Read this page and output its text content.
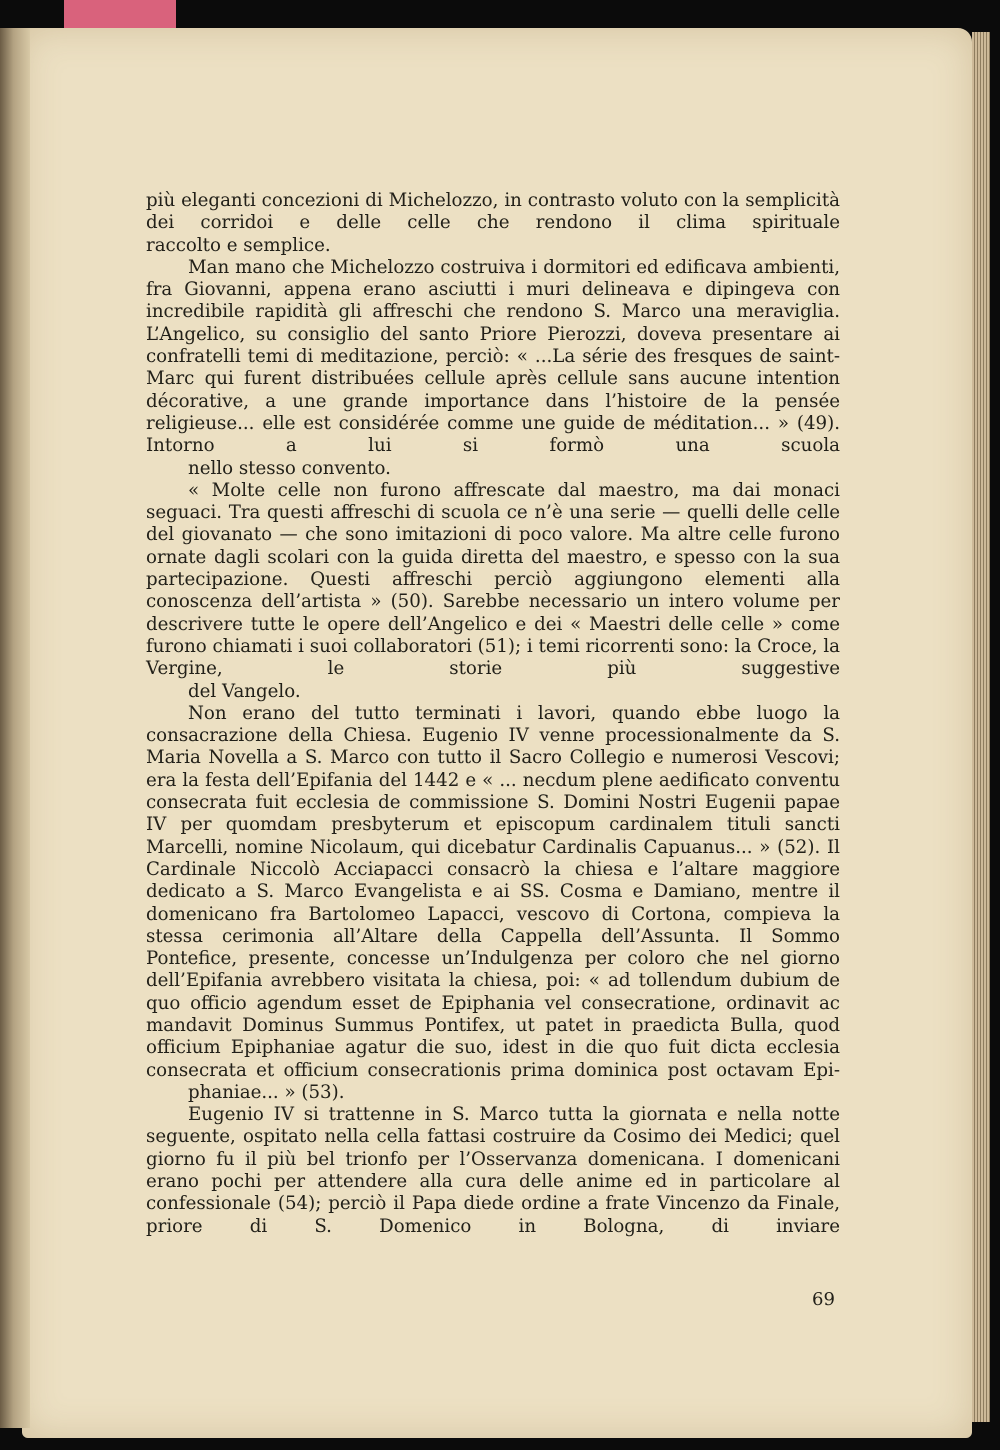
più eleganti concezioni di Michelozzo, in contrasto voluto con la semplicità dei corridoi e delle celle che rendono il clima spirituale
raccolto e semplice.

Man mano che Michelozzo costruiva i dormitori ed edificava ambienti, fra Giovanni, appena erano asciutti i muri delineava e dipingeva con incredibile rapidità gli affreschi che rendono S. Marco una meraviglia. L’Angelico, su consiglio del santo Priore Pierozzi, doveva presentare ai confratelli temi di meditazione, perciò: « ...La série des fresques de saint-Marc qui furent distribuées cellule après cellule sans aucune intention décorative, a une grande importance dans l’histoire de la pensée religieuse... elle est considérée comme une guide de méditation... » (49). Intorno a lui si formò una scuola
nello stesso convento.

« Molte celle non furono affrescate dal maestro, ma dai monaci seguaci. Tra questi affreschi di scuola ce n’è una serie — quelli delle celle del giovanato — che sono imitazioni di poco valore. Ma altre celle furono ornate dagli scolari con la guida diretta del maestro, e spesso con la sua partecipazione. Questi affreschi perciò aggiungono elementi alla conoscenza dell’artista » (50). Sarebbe necessario un intero volume per descrivere tutte le opere dell’Angelico e dei « Maestri delle celle » come furono chiamati i suoi collaboratori (51); i temi ricorrenti sono: la Croce, la Vergine, le storie più suggestive
del Vangelo.

Non erano del tutto terminati i lavori, quando ebbe luogo la consacrazione della Chiesa. Eugenio IV venne processionalmente da S. Maria Novella a S. Marco con tutto il Sacro Collegio e numerosi Vescovi; era la festa dell’Epifania del 1442 e « ... necdum plene aedificato conventu consecrata fuit ecclesia de commissione S. Domini Nostri Eugenii papae IV per quomdam presbyterum et episcopum cardinalem tituli sancti Marcelli, nomine Nicolaum, qui dicebatur Cardinalis Capuanus... » (52). Il Cardinale Niccolò Acciapacci consacrò la chiesa e l’altare maggiore dedicato a S. Marco Evangelista e ai SS. Cosma e Damiano, mentre il domenicano fra Bartolomeo Lapacci, vescovo di Cortona, compieva la stessa cerimonia all’Altare della Cappella dell’Assunta. Il Sommo Pontefice, presente, concesse un’Indulgenza per coloro che nel giorno dell’Epifania avrebbero visitata la chiesa, poi: « ad tollendum dubium de quo officio agendum esset de Epiphania vel consecratione, ordinavit ac mandavit Dominus Summus Pontifex, ut patet in praedicta Bulla, quod officium Epiphaniae agatur die suo, idest in die quo fuit dicta ecclesia consecrata et officium consecrationis prima dominica post octavam Epi-
phaniae... » (53).

Eugenio IV si trattenne in S. Marco tutta la giornata e nella notte seguente, ospitato nella cella fattasi costruire da Cosimo dei Medici; quel giorno fu il più bel trionfo per l’Osservanza domenicana. I domenicani erano pochi per attendere alla cura delle anime ed in particolare al confessionale (54); perciò il Papa diede ordine a frate Vincenzo da Finale, priore di S. Domenico in Bologna, di inviare

69
